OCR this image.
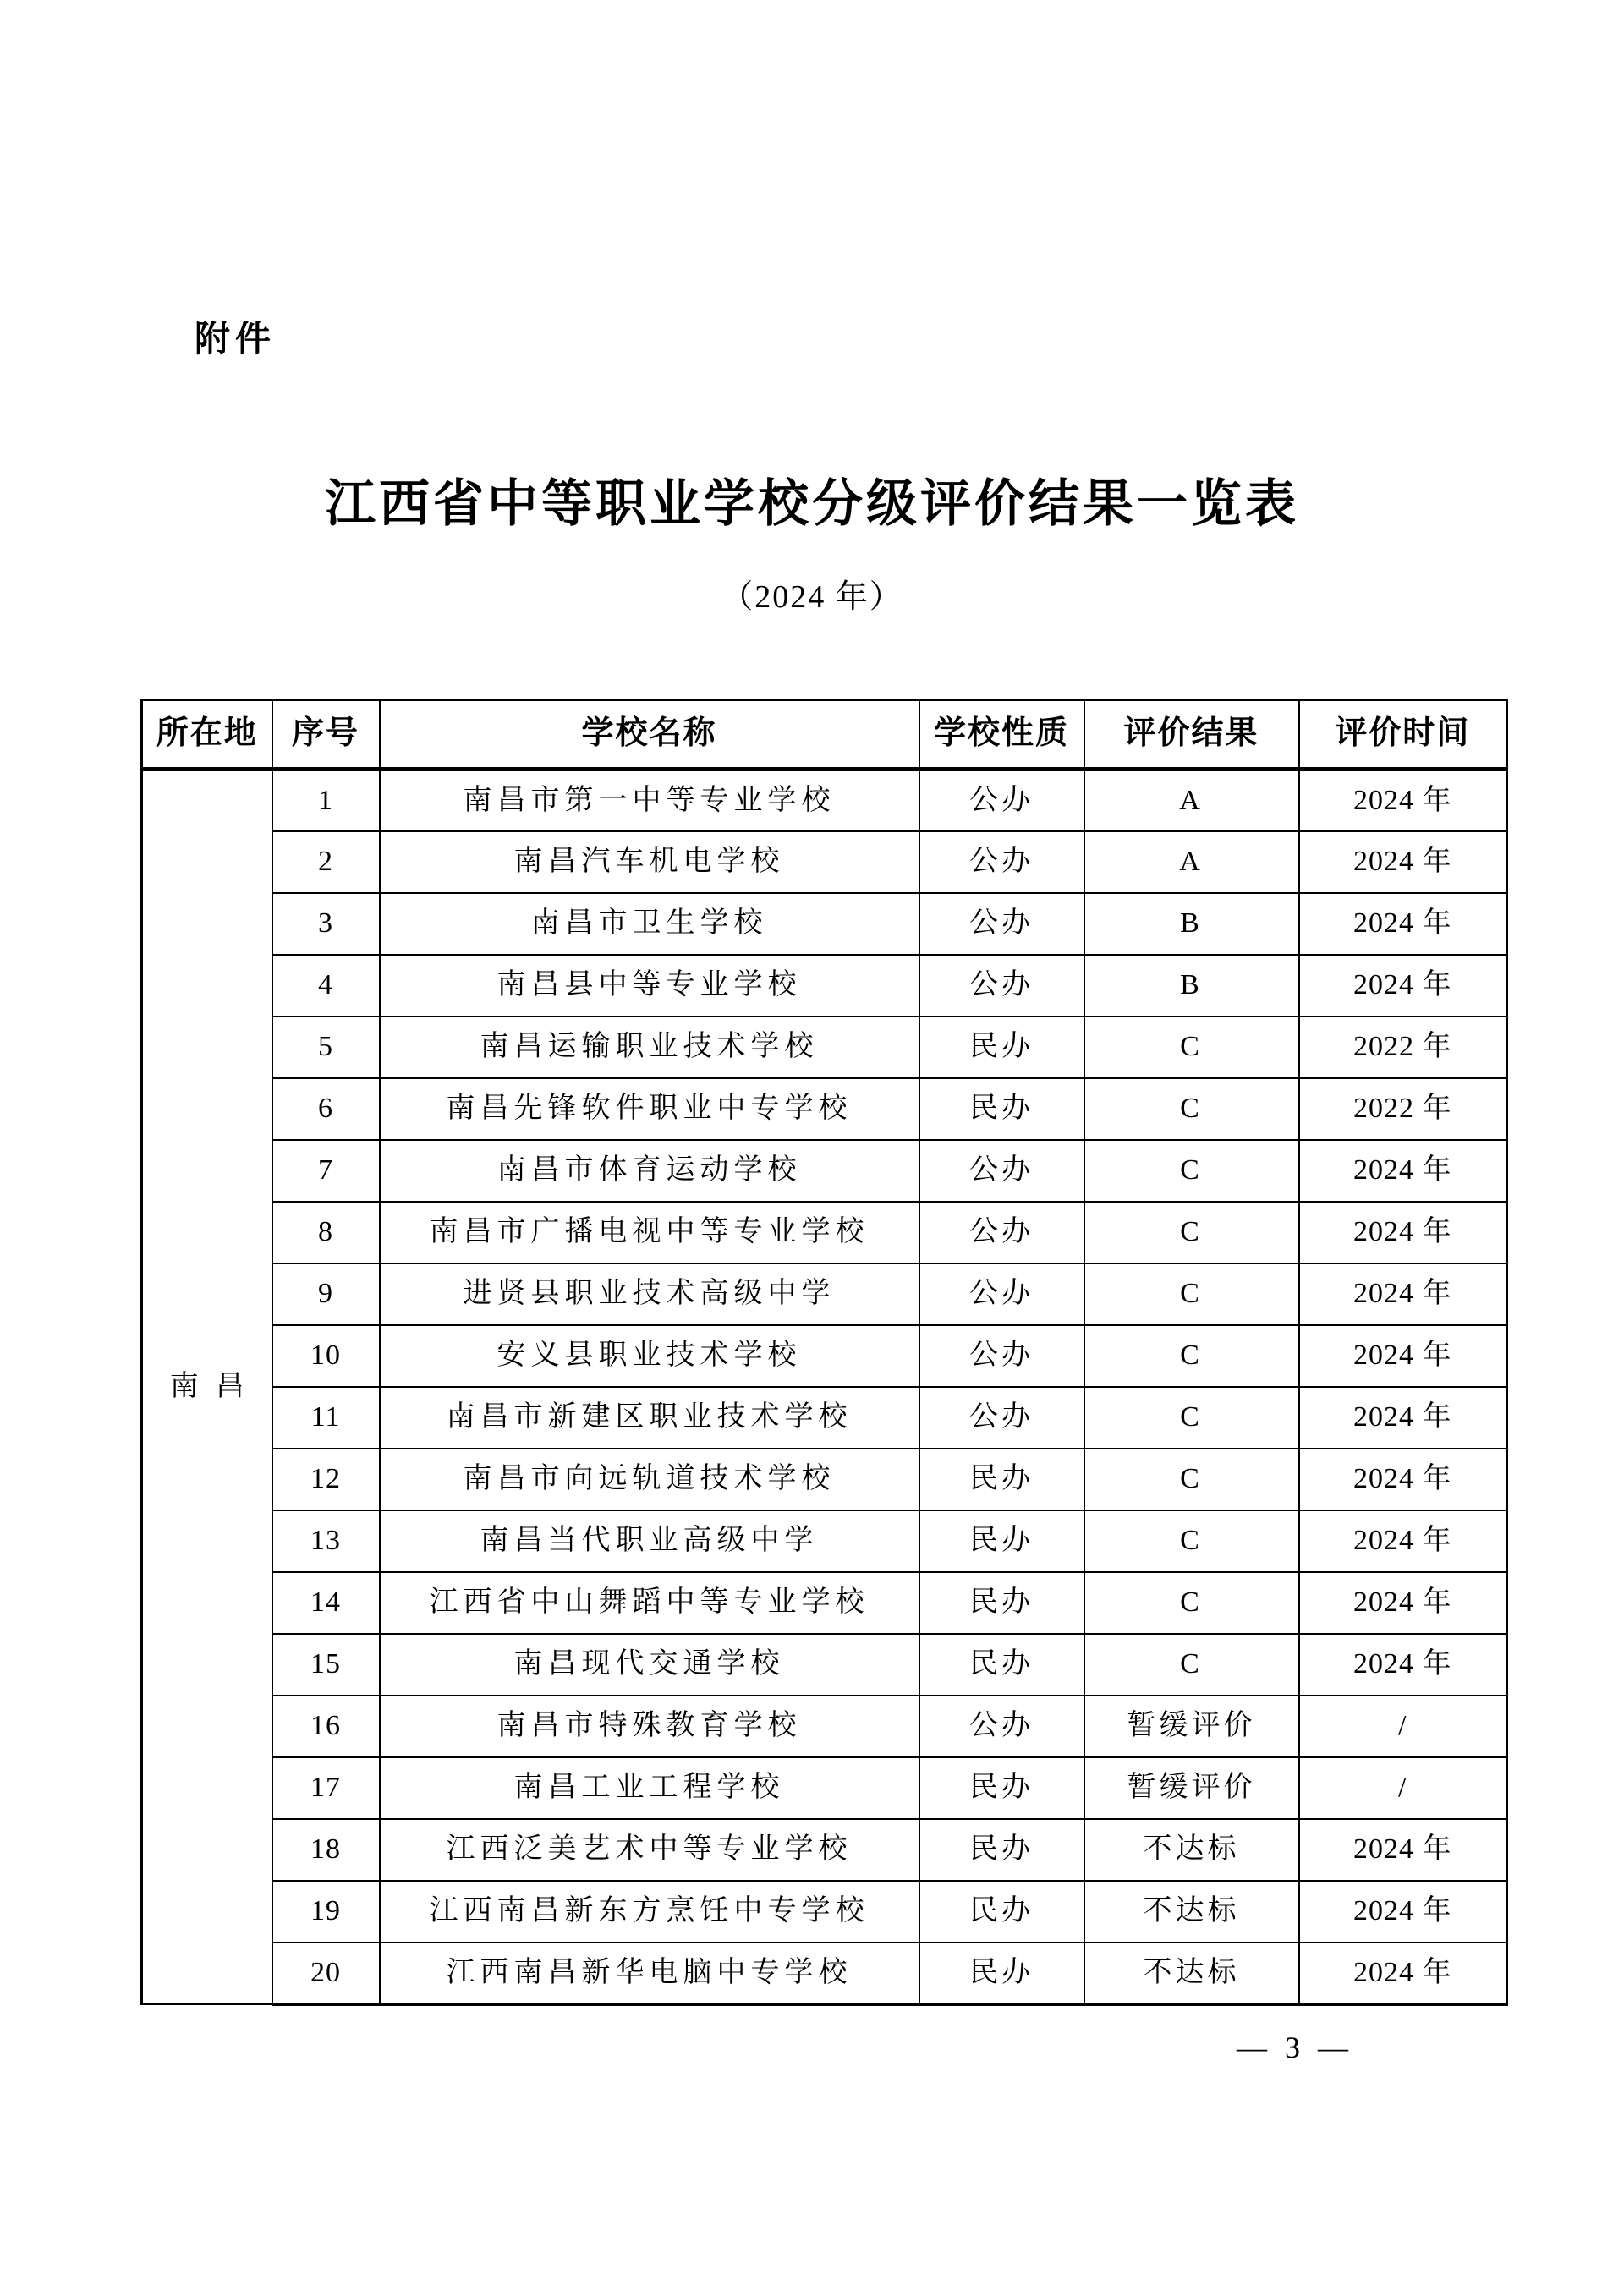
附件
江西省中等职业学校分级评价结果一览表
（2024 年）
所在地	序号	学校名称	学校性质	评价结果	评价时间
南昌	1	南昌市第一中等专业学校	公办	A	2024 年
	2	南昌汽车机电学校	公办	A	2024 年
	3	南昌市卫生学校	公办	B	2024 年
	4	南昌县中等专业学校	公办	B	2024 年
	5	南昌运输职业技术学校	民办	C	2022 年
	6	南昌先锋软件职业中专学校	民办	C	2022 年
	7	南昌市体育运动学校	公办	C	2024 年
	8	南昌市广播电视中等专业学校	公办	C	2024 年
	9	进贤县职业技术高级中学	公办	C	2024 年
	10	安义县职业技术学校	公办	C	2024 年
	11	南昌市新建区职业技术学校	公办	C	2024 年
	12	南昌市向远轨道技术学校	民办	C	2024 年
	13	南昌当代职业高级中学	民办	C	2024 年
	14	江西省中山舞蹈中等专业学校	民办	C	2024 年
	15	南昌现代交通学校	民办	C	2024 年
	16	南昌市特殊教育学校	公办	暂缓评价	/
	17	南昌工业工程学校	民办	暂缓评价	/
	18	江西泛美艺术中等专业学校	民办	不达标	2024 年
	19	江西南昌新东方烹饪中专学校	民办	不达标	2024 年
	20	江西南昌新华电脑中专学校	民办	不达标	2024 年
— 3 —
